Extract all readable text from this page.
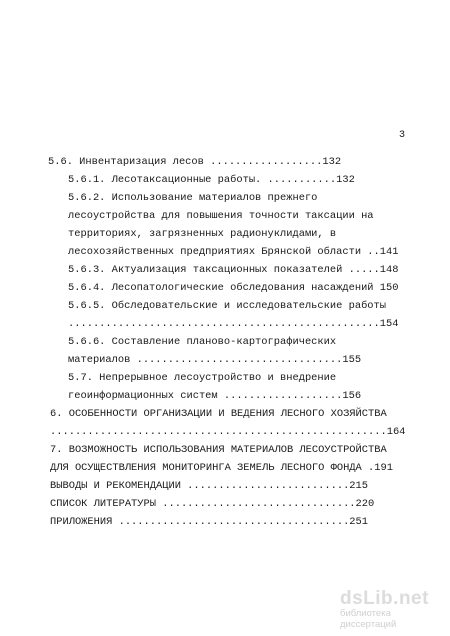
3
5.6. Инвентаризация лесов ..................132
5.6.1. Лесотаксационные работы. ...........132
5.6.2. Использование материалов прежнего
лесоустройства для повышения точности таксации на
территориях, загрязненных радионуклидами, в
лесохозяйственных предприятиях Брянской области ..141
5.6.3. Актуализация таксационных показателей .....148
5.6.4. Лесопатологические обследования насаждений 150
5.6.5. Обследовательские и исследовательские работы
..................................................154
5.6.6. Составление планово-картографических
материалов .................................155
5.7. Непрерывное лесоустройство и внедрение
геоинформационных систем ...................156
6. ОСОБЕННОСТИ ОРГАНИЗАЦИИ И ВЕДЕНИЯ ЛЕСНОГО ХОЗЯЙСТВА
......................................................164
7. ВОЗМОЖНОСТЬ ИСПОЛЬЗОВАНИЯ МАТЕРИАЛОВ ЛЕСОУСТРОЙСТВА
ДЛЯ ОСУЩЕСТВЛЕНИЯ МОНИТОРИНГА ЗЕМЕЛЬ ЛЕСНОГО ФОНДА .191
ВЫВОДЫ И РЕКОМЕНДАЦИИ ..........................215
СПИСОК ЛИТЕРАТУРЫ ...............................220
ПРИЛОЖЕНИЯ .....................................251
dsLib.net
библиотека диссертаций
